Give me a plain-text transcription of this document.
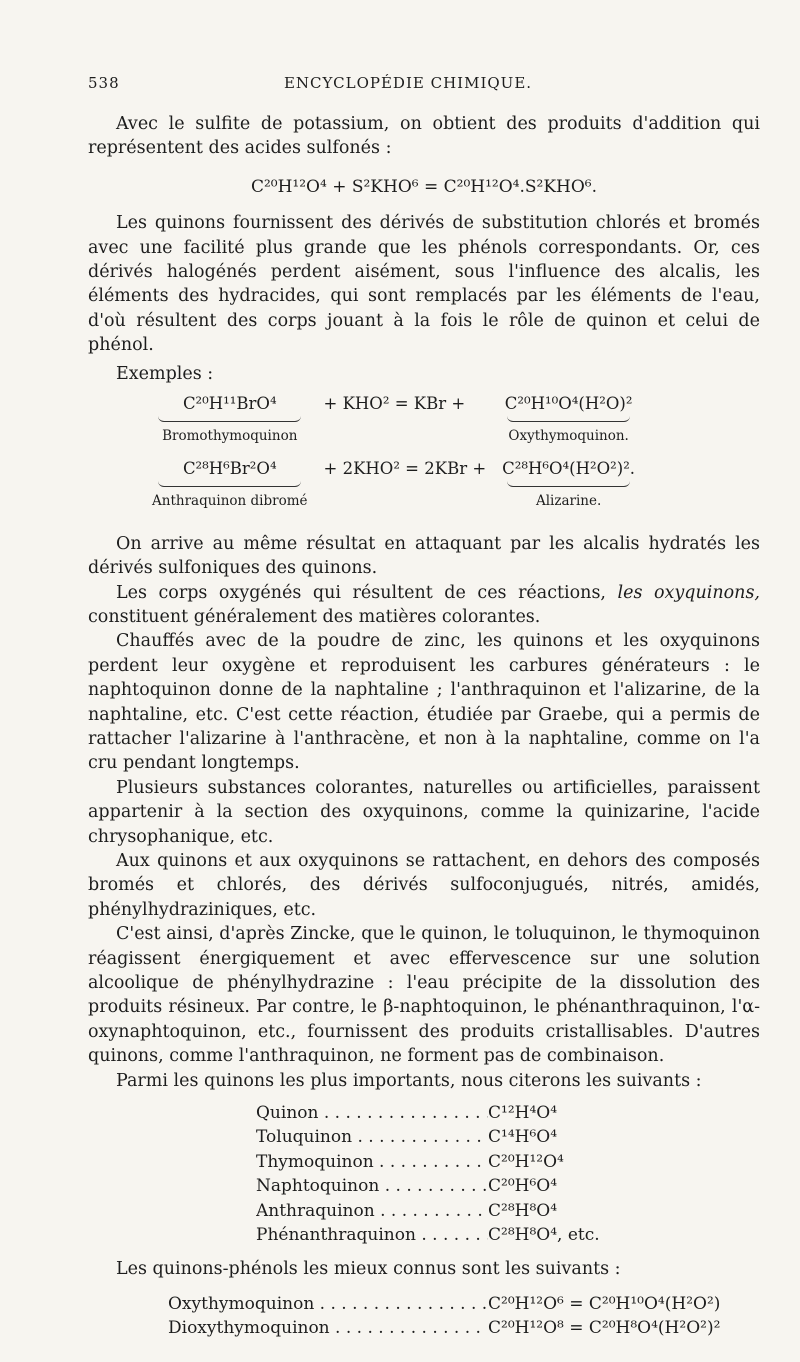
538	ENCYCLOPÉDIE CHIMIQUE.

Avec le sulfite de potassium, on obtient des produits d'addition qui représentent des acides sulfonés :

C²⁰H¹²O⁴ + S²KHO⁶ = C²⁰H¹²O⁴.S²KHO⁶.

Les quinons fournissent des dérivés de substitution chlorés et bromés avec une facilité plus grande que les phénols correspondants. Or, ces dérivés halogénés perdent aisément, sous l'influence des alcalis, les éléments des hydracides, qui sont remplacés par les éléments de l'eau, d'où résultent des corps jouant à la fois le rôle de quinon et celui de phénol.

Exemples :

C²⁰H¹¹BrO⁴	+ KHO² = KBr +	C²⁰H¹⁰O⁴(H²O)²

Bromothymoquinon		Oxythymoquinon.
C²⁸H⁶Br²O⁴	+ 2KHO² = 2KBr +	C²⁸H⁶O⁴(H²O²)².

Anthraquinon dibromé		Alizarine.

On arrive au même résultat en attaquant par les alcalis hydratés les dérivés sulfoniques des quinons.

Les corps oxygénés qui résultent de ces réactions, les oxyquinons, constituent généralement des matières colorantes.

Chauffés avec de la poudre de zinc, les quinons et les oxyquinons perdent leur oxygène et reproduisent les carbures générateurs : le naphtoquinon donne de la naphtaline ; l'anthraquinon et l'alizarine, de la naphtaline, etc. C'est cette réaction, étudiée par Graebe, qui a permis de rattacher l'alizarine à l'anthracène, et non à la naphtaline, comme on l'a cru pendant longtemps.

Plusieurs substances colorantes, naturelles ou artificielles, paraissent appartenir à la section des oxyquinons, comme la quinizarine, l'acide chrysophanique, etc.

Aux quinons et aux oxyquinons se rattachent, en dehors des composés bromés et chlorés, des dérivés sulfoconjugués, nitrés, amidés, phénylhydraziniques, etc.

C'est ainsi, d'après Zincke, que le quinon, le toluquinon, le thymoquinon réagissent énergiquement et avec effervescence sur une solution alcoolique de phénylhydrazine : l'eau précipite de la dissolution des produits résineux. Par contre, le β-naphtoquinon, le phénanthraquinon, l'α-oxynaphtoquinon, etc., fournissent des produits cristallisables. D'autres quinons, comme l'anthraquinon, ne forment pas de combinaison.

Parmi les quinons les plus importants, nous citerons les suivants :

Quinon . . .	C¹²H⁴O⁴
Toluquinon . . .	C¹⁴H⁶O⁴
Thymoquinon . . .	C²⁰H¹²O⁴
Naphtoquinon . . .	C²⁰H⁶O⁴
Anthraquinon . . .	C²⁸H⁸O⁴
Phénanthraquinon . . .	C²⁸H⁸O⁴, etc.

Les quinons-phénols les mieux connus sont les suivants :

Oxythymoquinon . . .	C²⁰H¹²O⁶ = C²⁰H¹⁰O⁴(H²O²)
Dioxythymoquinon . . .	C²⁰H¹²O⁸ = C²⁰H⁸O⁴(H²O²)²
